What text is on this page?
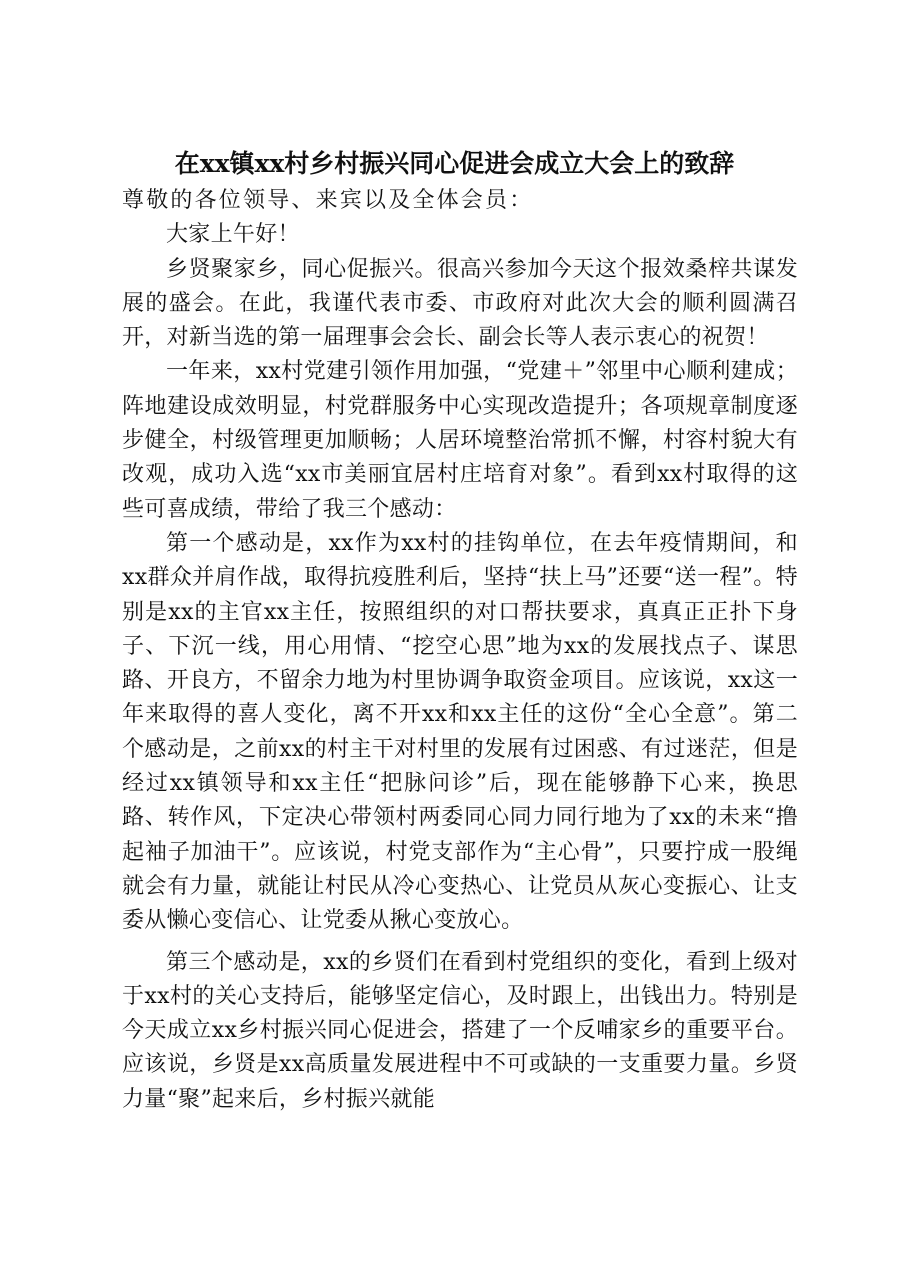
在xx镇xx村乡村振兴同心促进会成立大会上的致辞

尊敬的各位领导、来宾以及全体会员：

大家上午好！

乡贤聚家乡，同心促振兴。很高兴参加今天这个报效桑梓共谋发展的盛会。在此，我谨代表市委、市政府对此次大会的顺利圆满召开，对新当选的第一届理事会会长、副会长等人表示衷心的祝贺！

一年来，xx村党建引领作用加强，“党建＋”邻里中心顺利建成；阵地建设成效明显，村党群服务中心实现改造提升；各项规章制度逐步健全，村级管理更加顺畅；人居环境整治常抓不懈，村容村貌大有改观，成功入选“xx市美丽宜居村庄培育对象”。看到xx村取得的这些可喜成绩，带给了我三个感动：

第一个感动是，xx作为xx村的挂钩单位，在去年疫情期间，和xx群众并肩作战，取得抗疫胜利后，坚持“扶上马”还要“送一程”。特别是xx的主官xx主任，按照组织的对口帮扶要求，真真正正扑下身子、下沉一线，用心用情、“挖空心思”地为xx的发展找点子、谋思路、开良方，不留余力地为村里协调争取资金项目。应该说，xx这一年来取得的喜人变化，离不开xx和xx主任的这份“全心全意”。第二个感动是，之前xx的村主干对村里的发展有过困惑、有过迷茫，但是经过xx镇领导和xx主任“把脉问诊”后，现在能够静下心来，换思路、转作风，下定决心带领村两委同心同力同行地为了xx的未来“撸起袖子加油干”。应该说，村党支部作为“主心骨”，只要拧成一股绳就会有力量，就能让村民从冷心变热心、让党员从灰心变振心、让支委从懒心变信心、让党委从揪心变放心。

第三个感动是，xx的乡贤们在看到村党组织的变化，看到上级对于xx村的关心支持后，能够坚定信心，及时跟上，出钱出力。特别是今天成立xx乡村振兴同心促进会，搭建了一个反哺家乡的重要平台。应该说，乡贤是xx高质量发展进程中不可或缺的一支重要力量。乡贤力量“聚”起来后，乡村振兴就能
